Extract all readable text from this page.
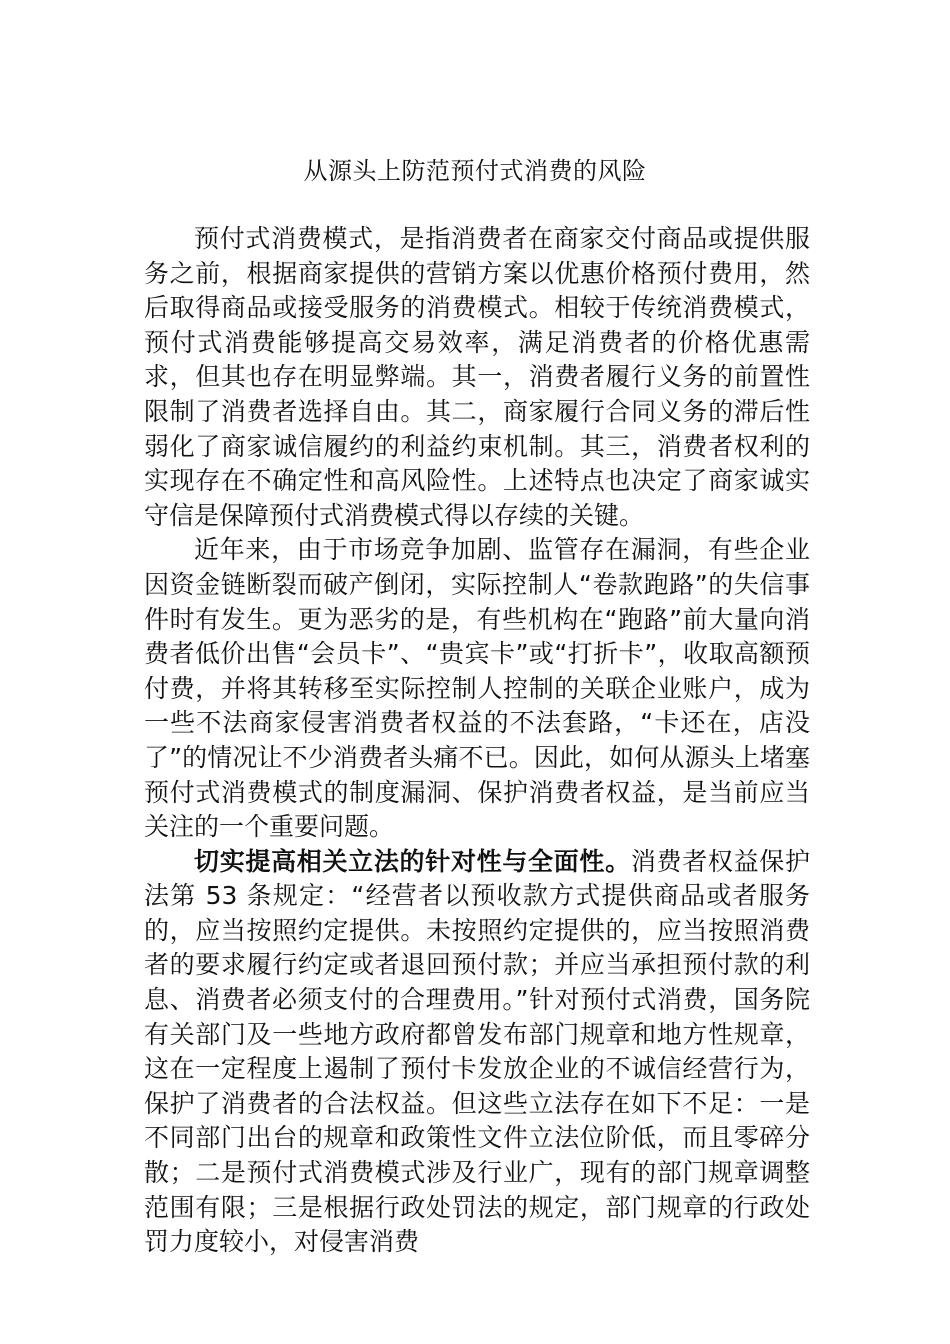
从源头上防范预付式消费的风险

预付式消费模式，是指消费者在商家交付商品或提供服务之前，根据商家提供的营销方案以优惠价格预付费用，然后取得商品或接受服务的消费模式。相较于传统消费模式，预付式消费能够提高交易效率，满足消费者的价格优惠需求，但其也存在明显弊端。其一，消费者履行义务的前置性限制了消费者选择自由。其二，商家履行合同义务的滞后性弱化了商家诚信履约的利益约束机制。其三，消费者权利的实现存在不确定性和高风险性。上述特点也决定了商家诚实守信是保障预付式消费模式得以存续的关键。

近年来，由于市场竞争加剧、监管存在漏洞，有些企业因资金链断裂而破产倒闭，实际控制人“卷款跑路”的失信事件时有发生。更为恶劣的是，有些机构在“跑路”前大量向消费者低价出售“会员卡”、“贵宾卡”或“打折卡”，收取高额预付费，并将其转移至实际控制人控制的关联企业账户，成为一些不法商家侵害消费者权益的不法套路，“卡还在，店没了”的情况让不少消费者头痛不已。因此，如何从源头上堵塞预付式消费模式的制度漏洞、保护消费者权益，是当前应当关注的一个重要问题。

切实提高相关立法的针对性与全面性。消费者权益保护法第 53 条规定：“经营者以预收款方式提供商品或者服务的，应当按照约定提供。未按照约定提供的，应当按照消费者的要求履行约定或者退回预付款；并应当承担预付款的利息、消费者必须支付的合理费用。”针对预付式消费，国务院有关部门及一些地方政府都曾发布部门规章和地方性规章，这在一定程度上遏制了预付卡发放企业的不诚信经营行为，保护了消费者的合法权益。但这些立法存在如下不足：一是不同部门出台的规章和政策性文件立法位阶低，而且零碎分散；二是预付式消费模式涉及行业广，现有的部门规章调整范围有限；三是根据行政处罚法的规定，部门规章的行政处罚力度较小，对侵害消费
